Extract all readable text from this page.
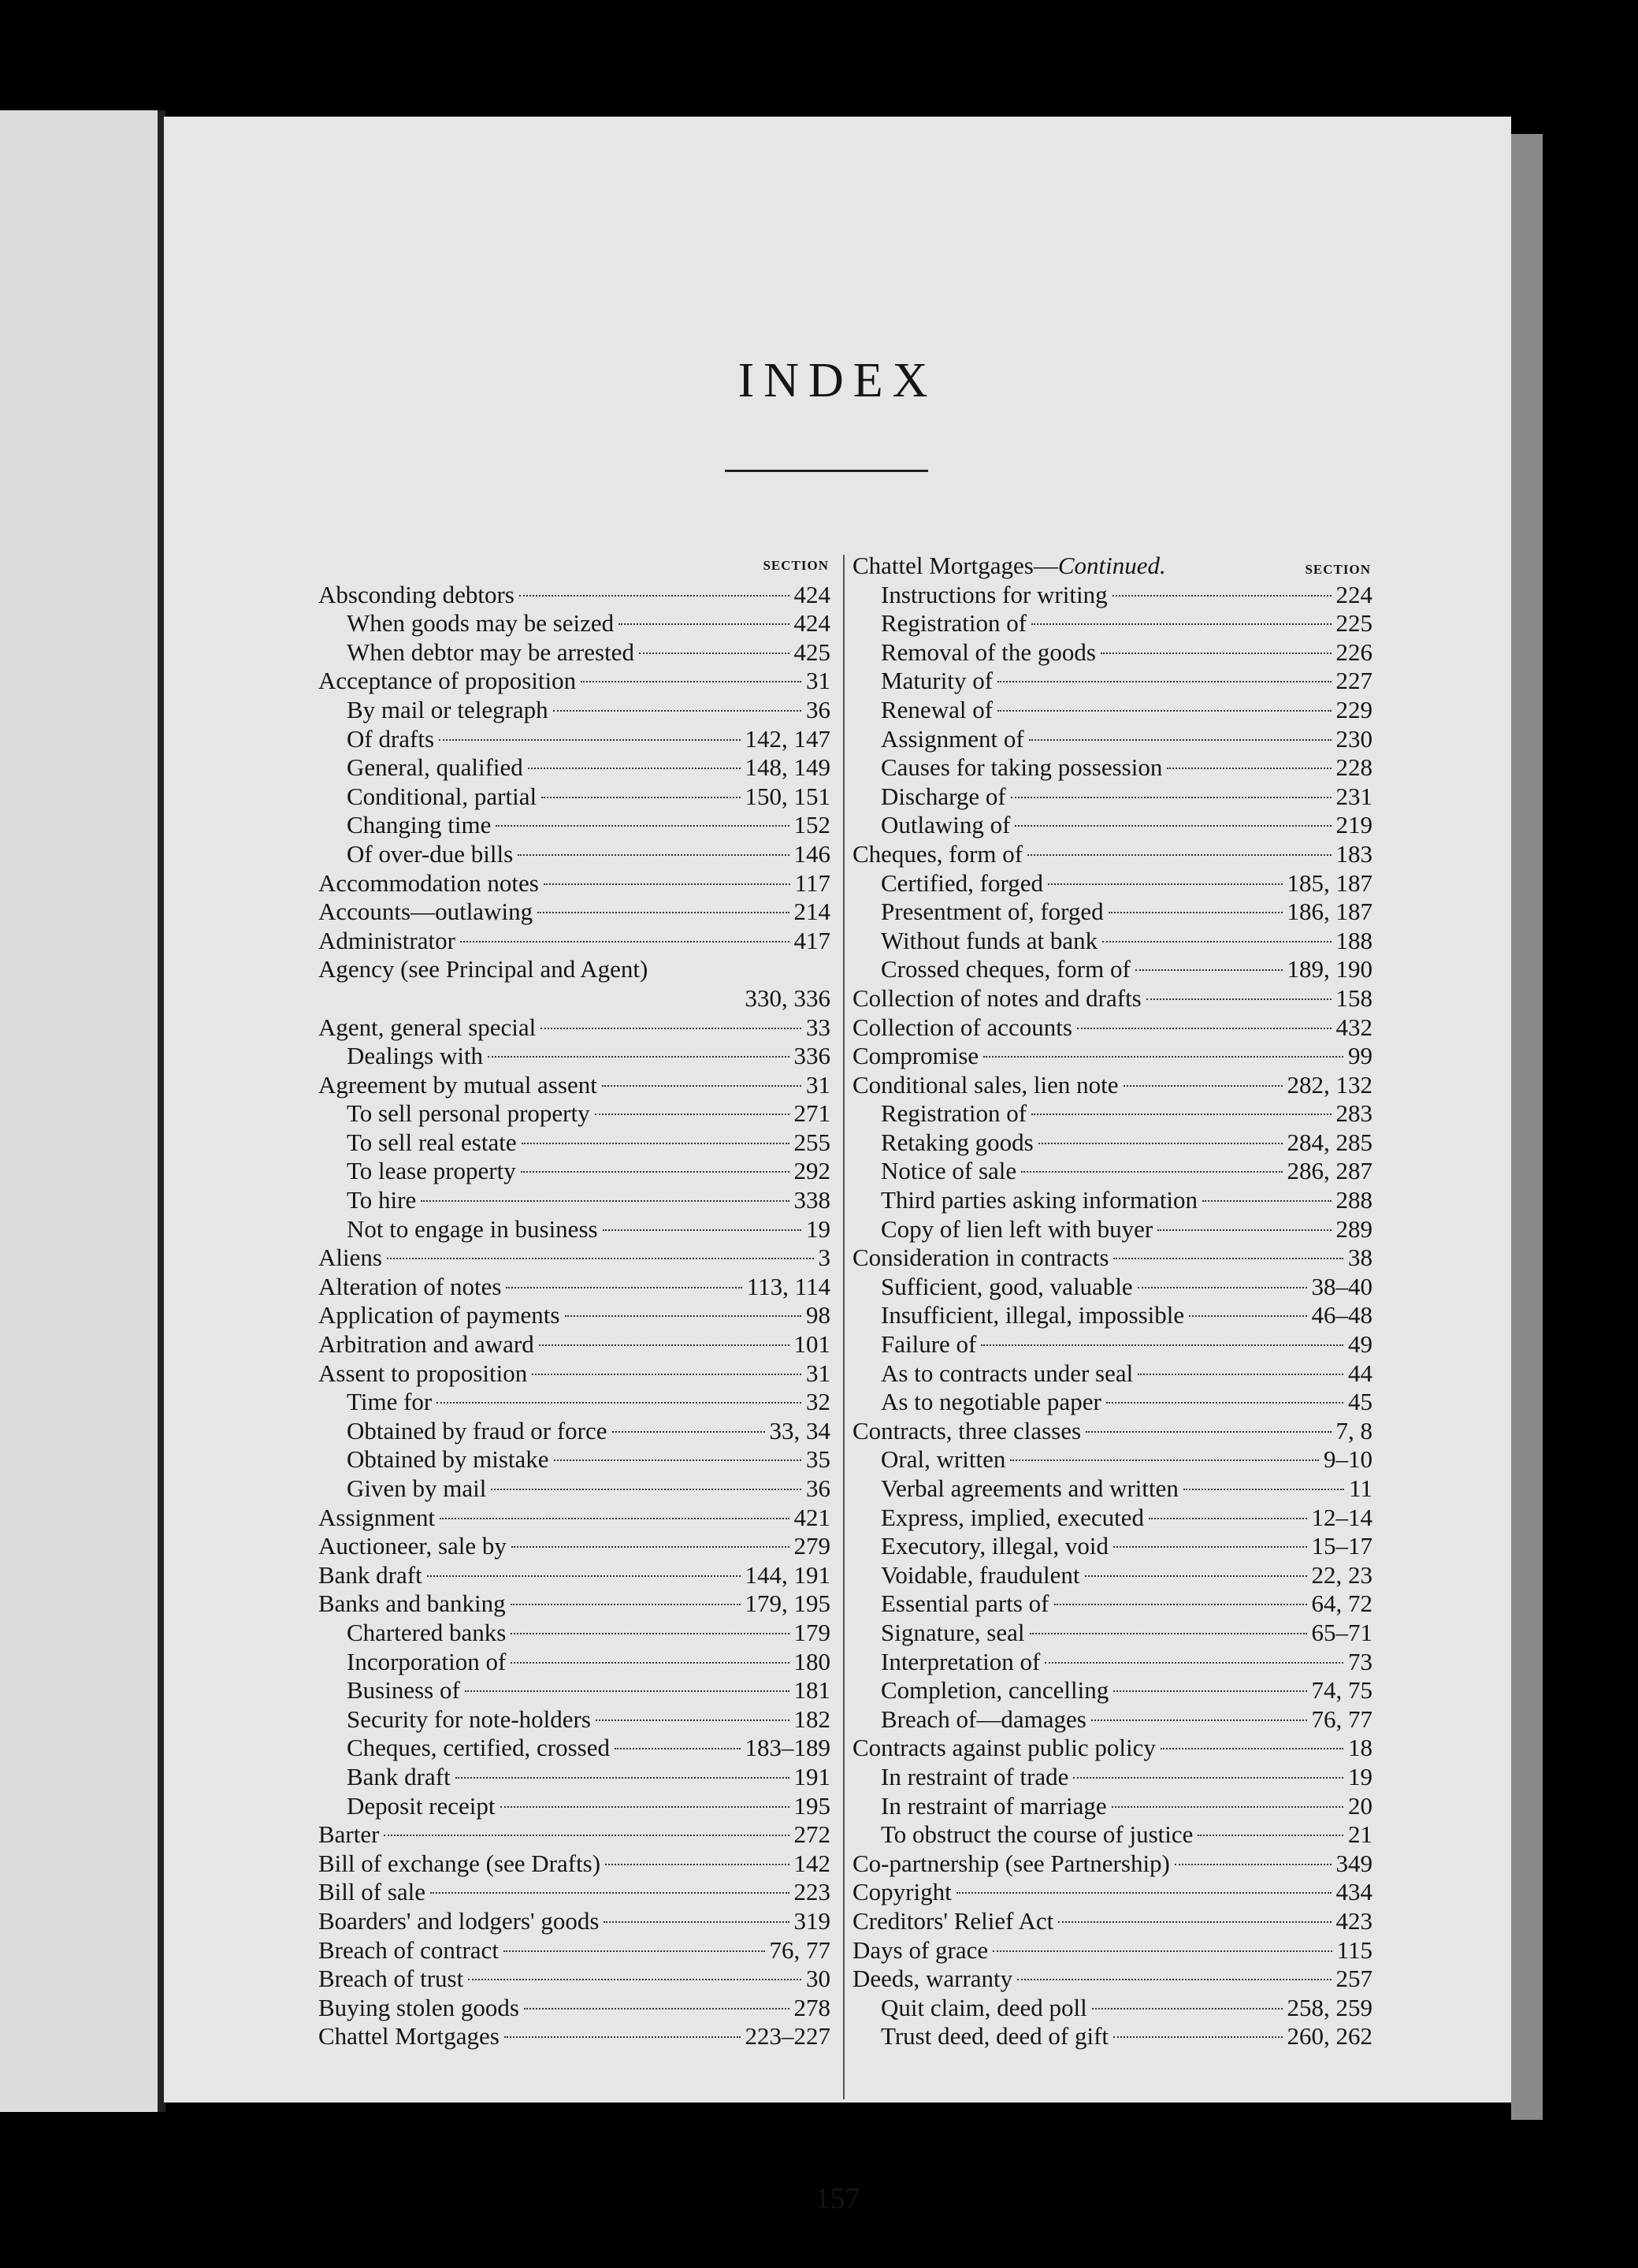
INDEX
SECTION
Absconding debtors	424
When goods may be seized	424
When debtor may be arrested	425
Acceptance of proposition	31
By mail or telegraph	36
Of drafts	142, 147
General, qualified	148, 149
Conditional, partial	150, 151
Changing time	152
Of over-due bills	146
Accommodation notes	117
Accounts—outlawing	214
Administrator	417
Agency (see Principal and Agent)
330, 336
Agent, general special	33
Dealings with	336
Agreement by mutual assent	31
To sell personal property	271
To sell real estate	255
To lease property	292
To hire	338
Not to engage in business	19
Aliens	3
Alteration of notes	113, 114
Application of payments	98
Arbitration and award	101
Assent to proposition	31
Time for	32
Obtained by fraud or force	33, 34
Obtained by mistake	35
Given by mail	36
Assignment	421
Auctioneer, sale by	279
Bank draft	144, 191
Banks and banking	179, 195
Chartered banks	179
Incorporation of	180
Business of	181
Security for note-holders	182
Cheques, certified, crossed	183–189
Bank draft	191
Deposit receipt	195
Barter	272
Bill of exchange (see Drafts)	142
Bill of sale	223
Boarders' and lodgers' goods	319
Breach of contract	76, 77
Breach of trust	30
Buying stolen goods	278
Chattel Mortgages	223–227
Chattel Mortgages—Continued.	SECTION
Instructions for writing	224
Registration of	225
Removal of the goods	226
Maturity of	227
Renewal of	229
Assignment of	230
Causes for taking possession	228
Discharge of	231
Outlawing of	219
Cheques, form of	183
Certified, forged	185, 187
Presentment of, forged	186, 187
Without funds at bank	188
Crossed cheques, form of	189, 190
Collection of notes and drafts	158
Collection of accounts	432
Compromise	99
Conditional sales, lien note	282, 132
Registration of	283
Retaking goods	284, 285
Notice of sale	286, 287
Third parties asking information	288
Copy of lien left with buyer	289
Consideration in contracts	38
Sufficient, good, valuable	38–40
Insufficient, illegal, impossible	46–48
Failure of	49
As to contracts under seal	44
As to negotiable paper	45
Contracts, three classes	7, 8
Oral, written	9–10
Verbal agreements and written	11
Express, implied, executed	12–14
Executory, illegal, void	15–17
Voidable, fraudulent	22, 23
Essential parts of	64, 72
Signature, seal	65–71
Interpretation of	73
Completion, cancelling	74, 75
Breach of—damages	76, 77
Contracts against public policy	18
In restraint of trade	19
In restraint of marriage	20
To obstruct the course of justice	21
Co-partnership (see Partnership)	349
Copyright	434
Creditors' Relief Act	423
Days of grace	115
Deeds, warranty	257
Quit claim, deed poll	258, 259
Trust deed, deed of gift	260, 262
157
